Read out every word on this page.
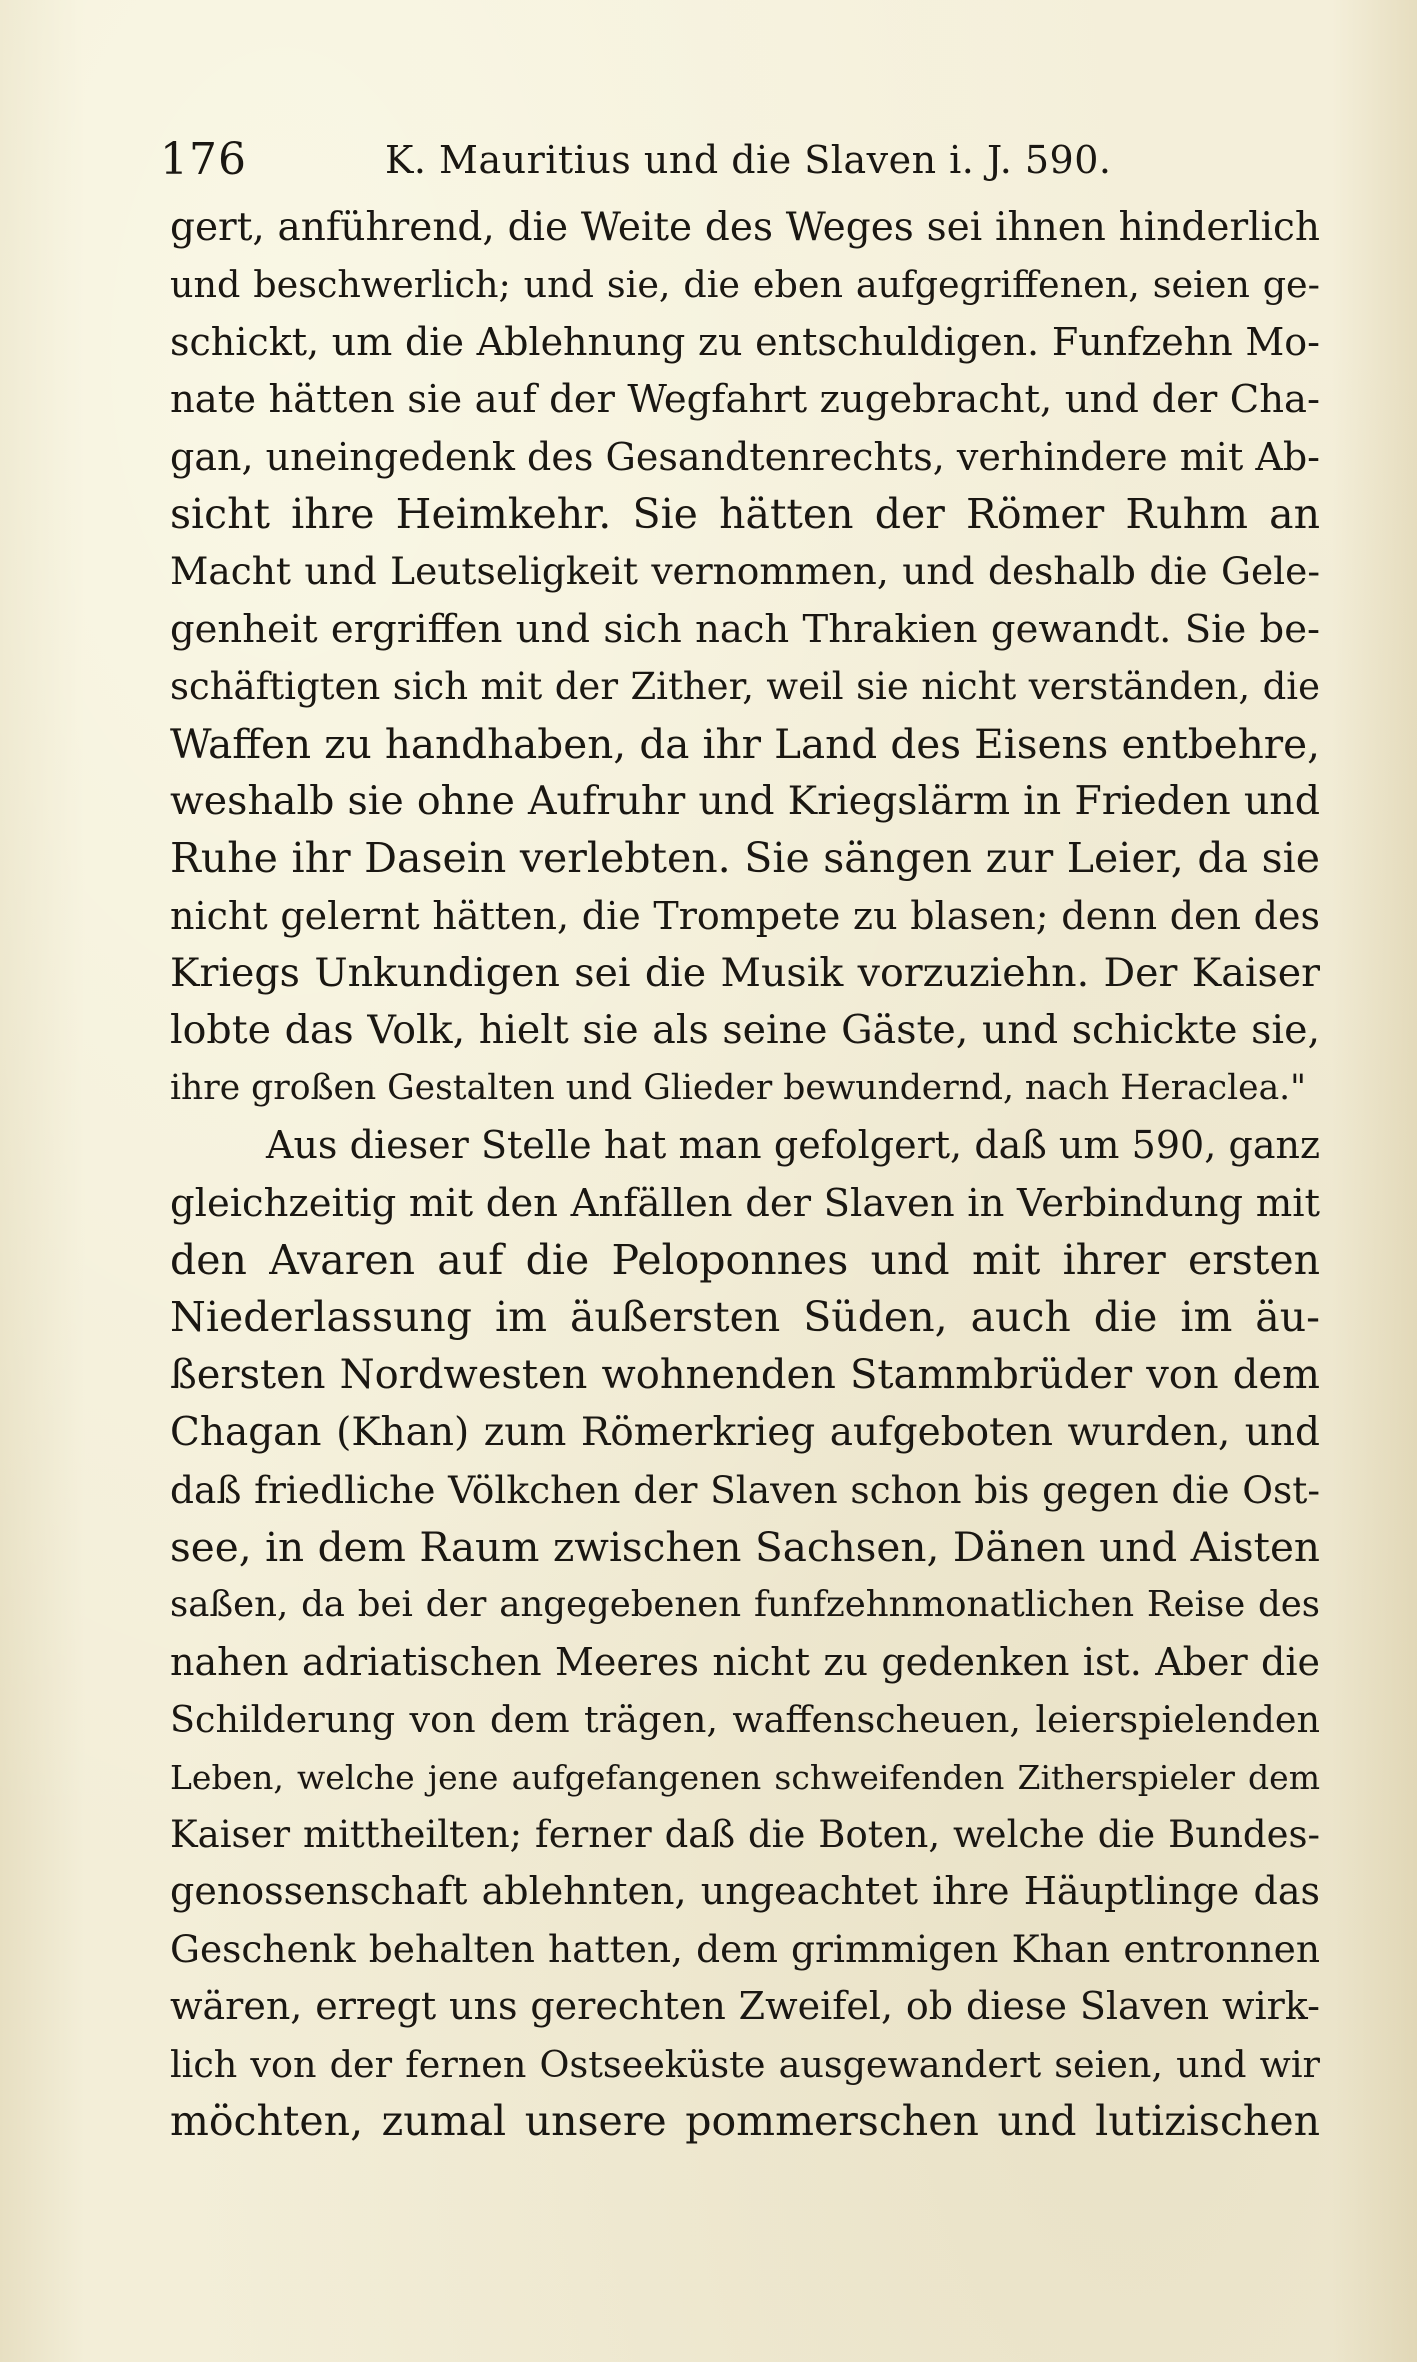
176	K. Mauritius und die Slaven i. J. 590.
gert, anführend, die Weite des Weges sei ihnen hinderlich
und beschwerlich; und sie, die eben aufgegriffenen, seien ge-
schickt, um die Ablehnung zu entschuldigen. Funfzehn Mo-
nate hätten sie auf der Wegfahrt zugebracht, und der Cha-
gan, uneingedenk des Gesandtenrechts, verhindere mit Ab-
sicht ihre Heimkehr. Sie hätten der Römer Ruhm an
Macht und Leutseligkeit vernommen, und deshalb die Gele-
genheit ergriffen und sich nach Thrakien gewandt. Sie be-
schäftigten sich mit der Zither, weil sie nicht verständen, die
Waffen zu handhaben, da ihr Land des Eisens entbehre,
weshalb sie ohne Aufruhr und Kriegslärm in Frieden und
Ruhe ihr Dasein verlebten. Sie sängen zur Leier, da sie
nicht gelernt hätten, die Trompete zu blasen; denn den des
Kriegs Unkundigen sei die Musik vorzuziehn. Der Kaiser
lobte das Volk, hielt sie als seine Gäste, und schickte sie,
ihre großen Gestalten und Glieder bewundernd, nach Heraclea."
Aus dieser Stelle hat man gefolgert, daß um 590, ganz
gleichzeitig mit den Anfällen der Slaven in Verbindung mit
den Avaren auf die Peloponnes und mit ihrer ersten
Niederlassung im äußersten Süden, auch die im äu-
ßersten Nordwesten wohnenden Stammbrüder von dem
Chagan (Khan) zum Römerkrieg aufgeboten wurden, und
daß friedliche Völkchen der Slaven schon bis gegen die Ost-
see, in dem Raum zwischen Sachsen, Dänen und Aisten
saßen, da bei der angegebenen funfzehnmonatlichen Reise des
nahen adriatischen Meeres nicht zu gedenken ist. Aber die
Schilderung von dem trägen, waffenscheuen, leierspielenden
Leben, welche jene aufgefangenen schweifenden Zitherspieler dem
Kaiser mittheilten; ferner daß die Boten, welche die Bundes-
genossenschaft ablehnten, ungeachtet ihre Häuptlinge das
Geschenk behalten hatten, dem grimmigen Khan entronnen
wären, erregt uns gerechten Zweifel, ob diese Slaven wirk-
lich von der fernen Ostseeküste ausgewandert seien, und wir
möchten, zumal unsere pommerschen und lutizischen
